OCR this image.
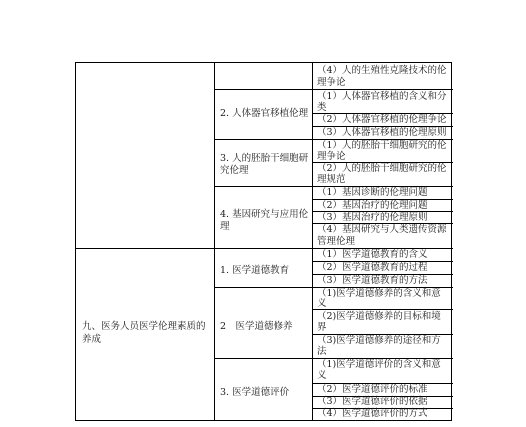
九、医务人员医学伦理素质的养成
2. 人体器官移植伦理
3. 人的胚胎干细胞研
究伦理
4. 基因研究与应用伦
理
1. 医学道德教育
2　医学道德修养
3. 医学道德评价
（4）人的生殖性克隆技术的伦
理争论
（1）人体器官移植的含义和分
类
（2）人体器官移植的伦理争论
（3）人体器官移植的伦理原则
（1）人的胚胎干细胞研究的伦
理争论
（2）人的胚胎干细胞研究的伦
理规范
（1）基因诊断的伦理问题
（2）基因治疗的伦理问题
（3）基因治疗的伦理原则
（4）基因研究与人类遗传资源
管理伦理
（1）医学道德教育的含义
（2）医学道德教育的过程
（3）医学道德教育的方法
（1)医学道德修养的含义和意
义
（2)医学道德修养的目标和境
界
（3)医学道德修养的途径和方
法
（1)医学道德评价的含义和意
义
（2）医学道德评价的标准
（3）医学道德评价的依据
（4）医学道德评价的方式
